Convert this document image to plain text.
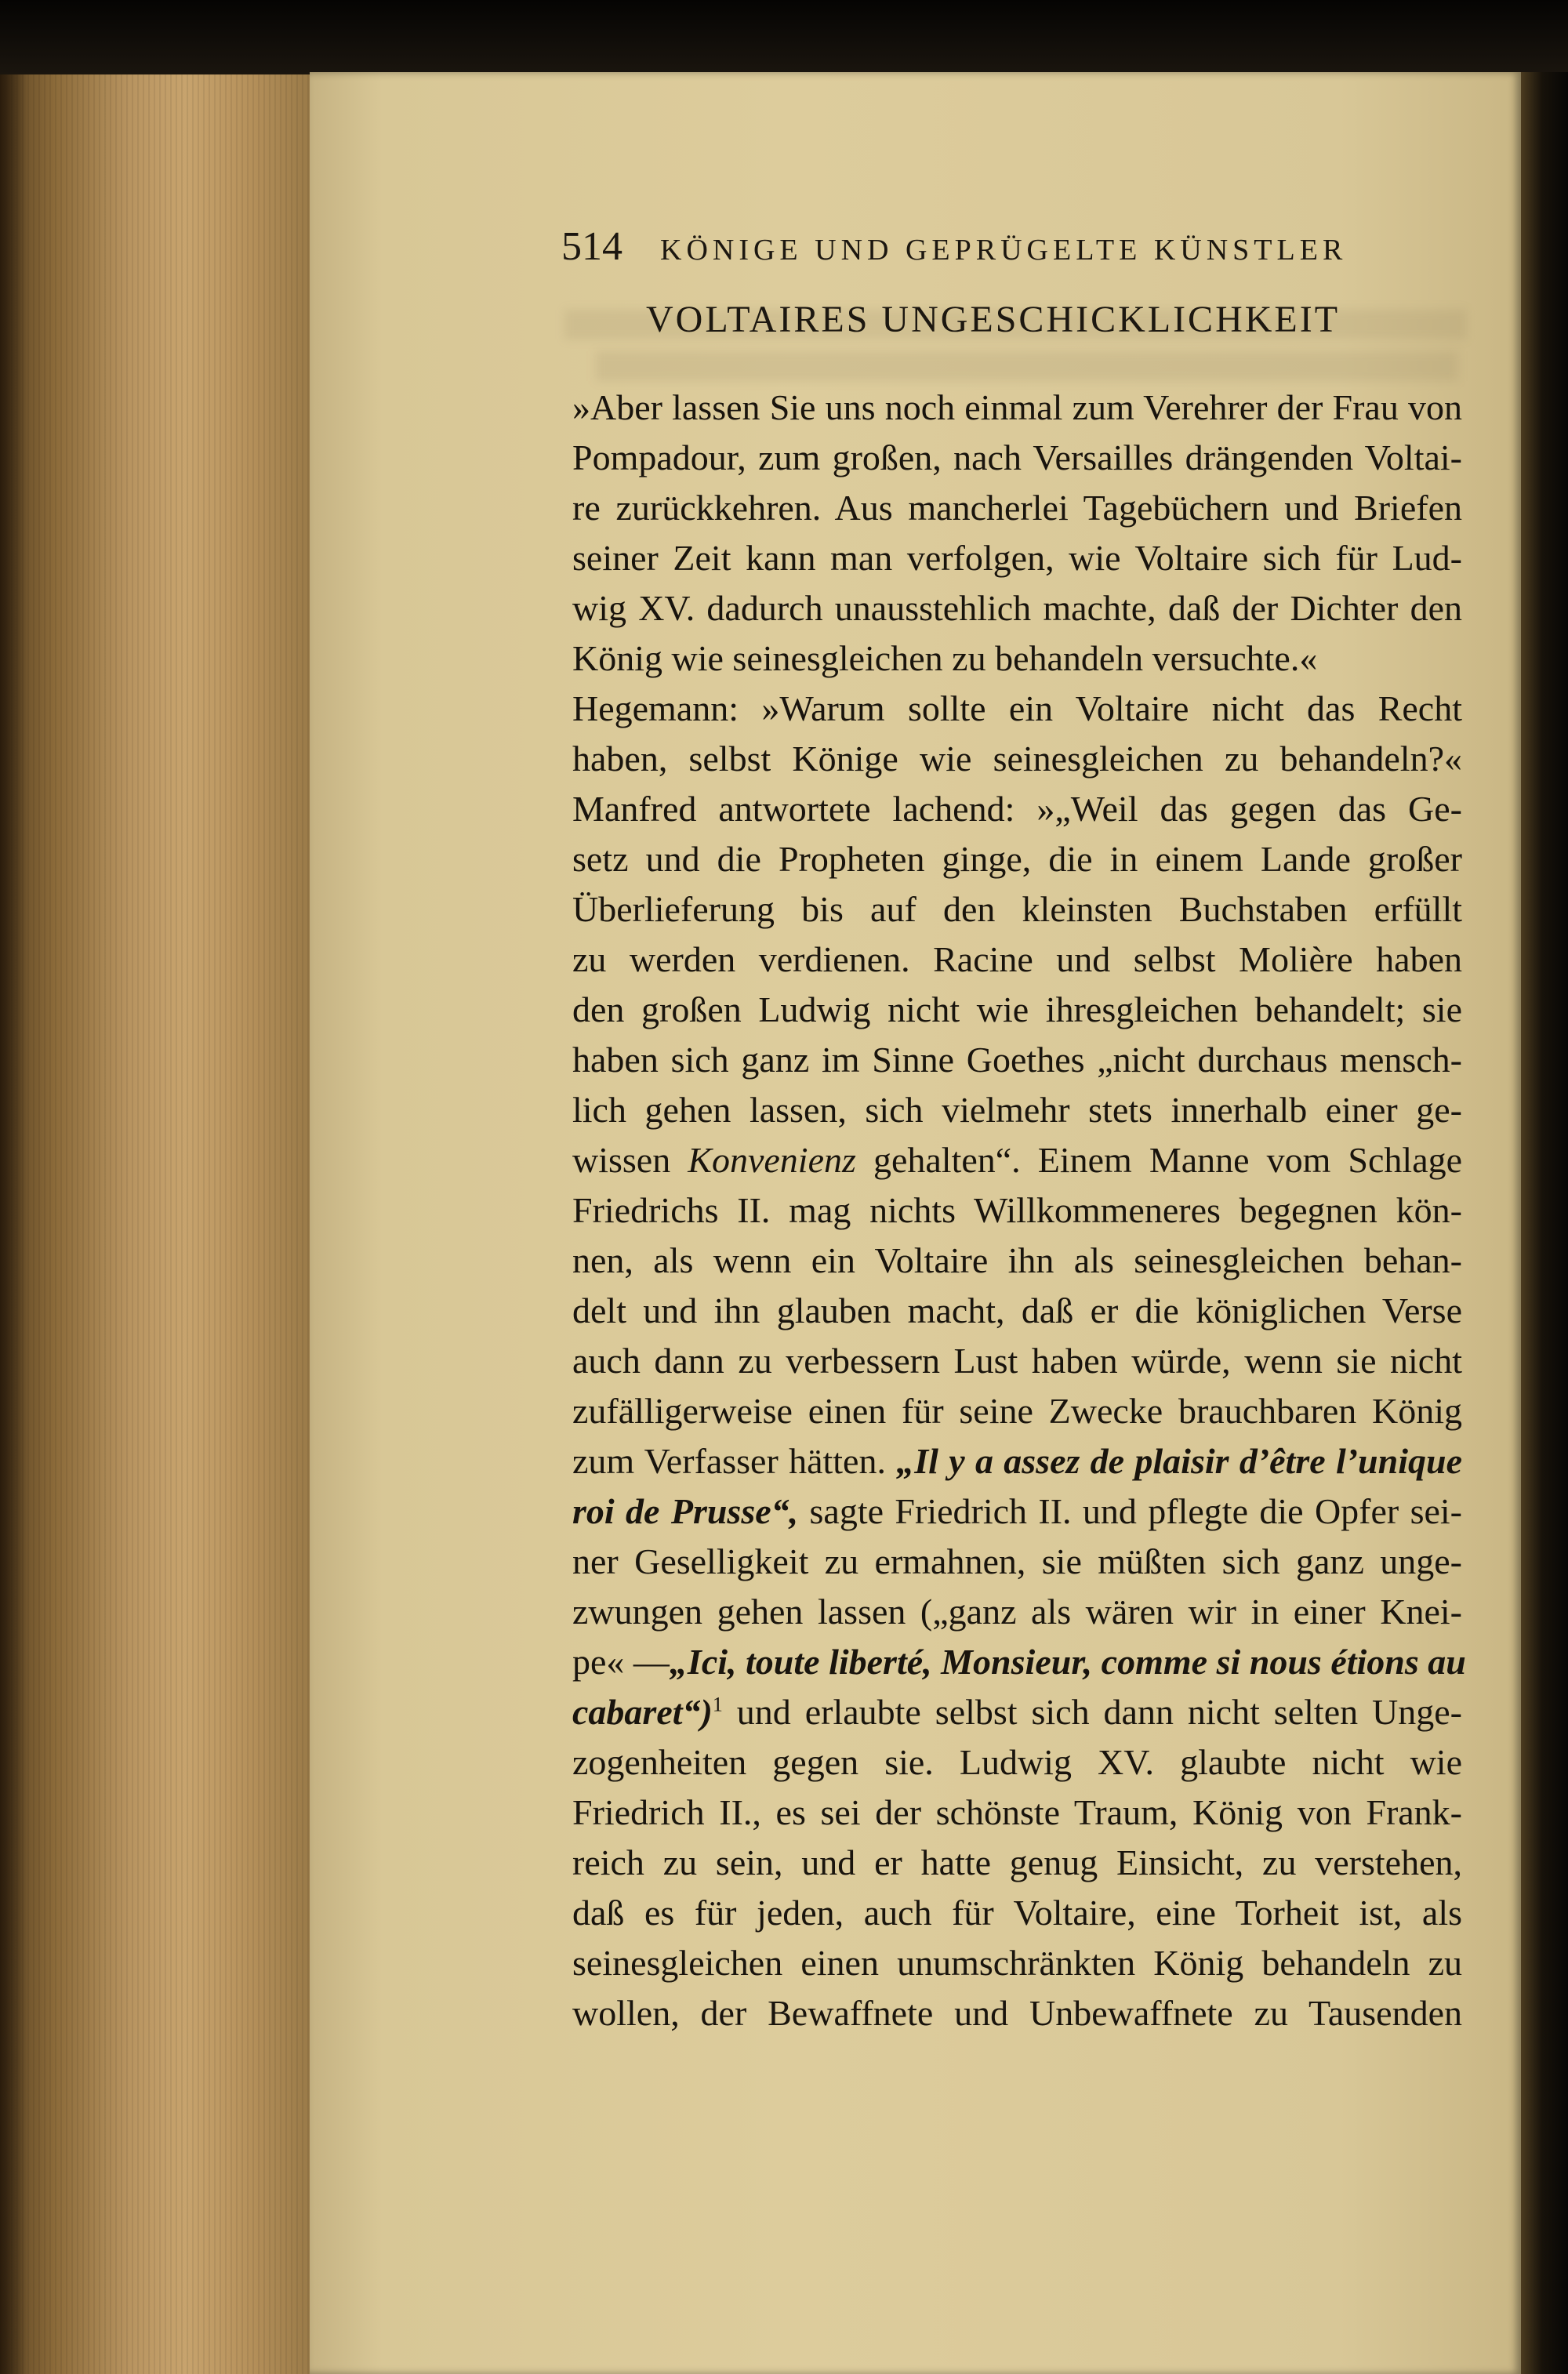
514 KÖNIGE UND GEPRÜGELTE KÜNSTLER
VOLTAIRES UNGESCHICKLICHKEIT
»Aber lassen Sie uns noch einmal zum Verehrer der Frau von
Pompadour, zum großen, nach Versailles drängenden Voltai-
re zurückkehren. Aus mancherlei Tagebüchern und Briefen
seiner Zeit kann man verfolgen, wie Voltaire sich für Lud-
wig XV. dadurch unausstehlich machte, daß der Dichter den
König wie seinesgleichen zu behandeln versuchte.«
Hegemann: »Warum sollte ein Voltaire nicht das Recht
haben, selbst Könige wie seinesgleichen zu behandeln?«
Manfred antwortete lachend: »„Weil das gegen das Ge-
setz und die Propheten ginge, die in einem Lande großer
Überlieferung bis auf den kleinsten Buchstaben erfüllt
zu werden verdienen. Racine und selbst Molière haben
den großen Ludwig nicht wie ihresgleichen behandelt; sie
haben sich ganz im Sinne Goethes „nicht durchaus mensch-
lich gehen lassen, sich vielmehr stets innerhalb einer ge-
wissen Konvenienz gehalten“. Einem Manne vom Schlage
Friedrichs II. mag nichts Willkommeneres begegnen kön-
nen, als wenn ein Voltaire ihn als seinesgleichen behan-
delt und ihn glauben macht, daß er die königlichen Verse
auch dann zu verbessern Lust haben würde, wenn sie nicht
zufälligerweise einen für seine Zwecke brauchbaren König
zum Verfasser hätten. „Il y a assez de plaisir d’être l’unique
roi de Prusse“, sagte Friedrich II. und pflegte die Opfer sei-
ner Geselligkeit zu ermahnen, sie müßten sich ganz unge-
zwungen gehen lassen („ganz als wären wir in einer Knei-
pe« —„Ici, toute liberté, Monsieur, comme si nous étions au
cabaret“)$^1$ und erlaubte selbst sich dann nicht selten Unge-
zogenheiten gegen sie. Ludwig XV. glaubte nicht wie
Friedrich II., es sei der schönste Traum, König von Frank-
reich zu sein, und er hatte genug Einsicht, zu verstehen,
daß es für jeden, auch für Voltaire, eine Torheit ist, als
seinesgleichen einen unumschränkten König behandeln zu
wollen, der Bewaffnete und Unbewaffnete zu Tausenden
